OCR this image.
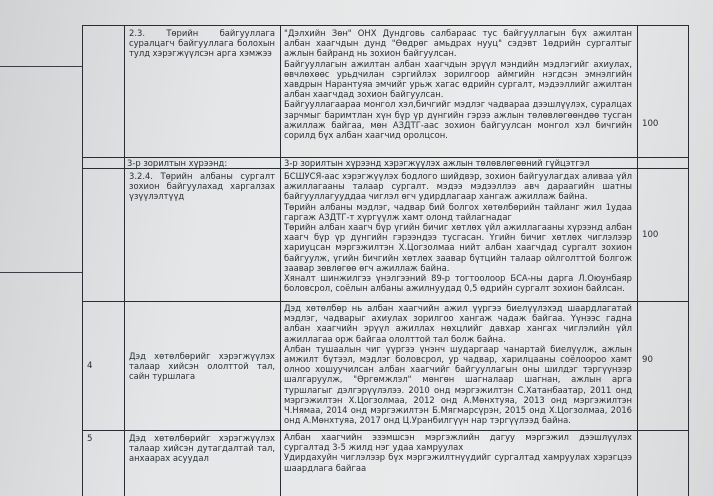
2.3. Төрийн байгууллага суралцагч байгууллага болохын тулд хэрэгжүүлсэн арга хэмжээ

"Дэлхийн Зөн" ОНХ Дундговь салбараас тус байгууллагын бүх ажилтан албан хаагчдын дунд "Өөдрөг амьдрах нууц" сэдэвт 1өдрийн сургалтыг ажлын байранд нь зохион байгуулсан.

Байгууллагын ажилтан албан хаагчдын эрүүл мэндийн мэдлэгийг ахиулах, өвчлөхөөс урьдчилан сэргийлэх зорилгоор аймгийн нэгдсэн эмнэлгийн хавдрын Нарантуяа эмчийг урьж хагас өдрийн сургалт, мэдээллийг ажилтан албан хаагчдад зохион байгуулсан.

Байгууллагаараа монгол хэл,бичгийг мэдлэг чадвараа дээшлүүлэх, суралцах зарчмыг баримтлан хүн бүр үр дүнгийн гэрээ ажлын төлөвлөгөөндөө тусган ажиллаж байгаа, мөн АЗДТГ-аас зохион байгуулсан монгол хэл бичгийн сорилд бүх албан хаагчид оролцсон.

100
3-р зорилтын хүрээнд:	3-р зорилтын хүрээнд хэрэгжүүлэх ажлын төлөвлөгөөний гүйцэтгэл
3.2.4. Төрийн албаны сургалт зохион байгуулахад харгалзах үзүүлэлтүүд

БСШУСЯ-аас хэрэгжүүлэх бодлого шийдвэр, зохион байгуулагдах аливаа үйл ажиллагааны талаар сургалт. мэдээ мэдээллээ авч дараагийн шатны байгууллагууддаа чиглэл өгч удирдлагаар хангаж ажиллаж байна.

Төрийн албаны мэдлэг, чадвар бий болгох хөтөлбөрийн тайланг жил 1удаа гаргаж АЗДТГ-т хүргүүлж хамт олонд тайлагнадаг

Төрийн албан хаагч бүр үгийн бичиг хөтлөх үйл ажиллагааны хүрээнд албан хаагч бүр үр дүнгийн гэрээндээ тусгасан. Үгийн бичиг хөтлөх чиглэлээр хариуцсан мэргэжилтэн Х.Цогзолмаа нийт албан хаагчдад сургалт зохион байгуулж, үгийн бичгийн хөтлөх заавар бүтцийн талаар ойлголттой болгож заавар зөвлөгөө өгч ажиллаж байна.

Хяналт шинжилгээ үнэлгээний 89-р тогтоолоор БСА-ны дарга Л.Оюунбаяр боловсрол, соёлын албаны ажилнуудад 0,5 өдрийн сургалт зохион байлсан.

100
4
Дэд хөтөлбөрийг хэрэгжүүлэх талаар хийсэн ололттой тал, сайн туршлага

Дэд хөтөлбөр нь албан хаагчийн ажил үүргээ биелүүлэхэд шаардлагатай мэдлэг, чадварыг ахиулах зорилгоо хангаж чадаж байгаа. Үүнээс гадна албан хаагчийн эрүүл ажиллах нөхцлийг давхар хангах чиглэлийн үйл ажиллагаа орж байгаа ололттой тал болж байна.

Албан тушаалын чиг үүргээ үнэнч шударгаар чанартай биелүүлж, ажлын амжилт бүтээл, мэдлэг боловсрол, ур чадвар, харилцааны соёлоороо хамт олноо хошуучилсан албан хаагчийг байгууллагын оны шилдэг тэргүүнээр шалгаруулж, "Өргөмжлэл" мөнгөн шагналаар шагнан, ажлын арга туршлагыг дэлгэрүүлэлээ. 2010 онд мэргэжилтэн С.Хатанбаатар, 2011 онд мэргэжилтэн Х.Цогзолмаа, 2012 онд А.Мөнхтуяа, 2013 онд мэргэжилтэн Ч.Нямаа, 2014 онд мэргэжилтэн Б.Мягмарсүрэн, 2015 онд Х.Цогзолмаа, 2016 онд А.Мөнхтуяа, 2017 онд Ц.Уранбилгүүн нар тэргүүлээд байна.

90
5	Дэд хөтөлбөрийг хэрэгжүүлэх талаар хийсэн дутагдалтай тал, анхаарах асуудал

Албан хаагчийн эзэмшсэн мэргэжлийн дагуу мэргэжил дээшлүүлэх сургалтад 3-5 жилд нэг удаа хамруулах

Удирдахуйн чиглэлээр бүх мэргэжилтнүүдийг сургалтад хамруулах хэрэгцээ шаардлага байгаа
